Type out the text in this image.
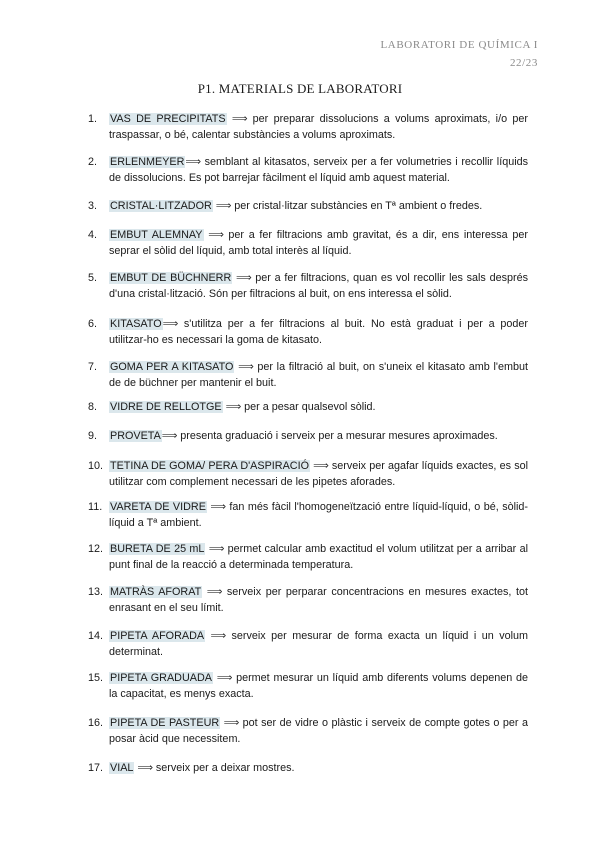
LABORATORI DE QUÍMICA I
22/23
P1. MATERIALS DE LABORATORI
1. VAS DE PRECIPITATS ⟹ per preparar dissolucions a volums aproximats, i/o per traspassar, o bé, calentar substàncies a volums aproximats.
2. ERLENMEYER⟹ semblant al kitasatos, serveix per a fer volumetries i recollir líquids de dissolucions. Es pot barrejar fàcilment el líquid amb aquest material.
3. CRISTAL·LITZADOR ⟹ per cristal·litzar substàncies en Tª ambient o fredes.
4. EMBUT ALEMNAY ⟹ per a fer filtracions amb gravitat, és a dir, ens interessa per seprar el sòlid del líquid, amb total interès al líquid.
5. EMBUT DE BÜCHNERR ⟹ per a fer filtracions, quan es vol recollir les sals després d'una cristal·lització. Són per filtracions al buit, on ens interessa el sòlid.
6. KITASATO⟹ s'utilitza per a fer filtracions al buit. No està graduat i per a poder utilitzar-ho es necessari la goma de kitasato.
7. GOMA PER A KITASATO ⟹ per la filtració al buit, on s'uneix el kitasato amb l'embut de de büchner per mantenir el buit.
8. VIDRE DE RELLOTGE ⟹ per a pesar qualsevol sòlid.
9. PROVETA⟹ presenta graduació i serveix per a mesurar mesures aproximades.
10. TETINA DE GOMA/ PERA D'ASPIRACIÓ ⟹ serveix per agafar líquids exactes, es sol utilitzar com complement necessari de les pipetes aforades.
11. VARETA DE VIDRE ⟹ fan més fàcil l'homogeneïtzació entre líquid-líquid, o bé, sòlid-líquid a Tª ambient.
12. BURETA DE 25 mL ⟹ permet calcular amb exactitud el volum utilitzat per a arribar al punt final de la reacció a determinada temperatura.
13. MATRÀS AFORAT ⟹ serveix per perparar concentracions en mesures exactes, tot enrasant en el seu límit.
14. PIPETA AFORADA ⟹ serveix per mesurar de forma exacta un líquid i un volum determinat.
15. PIPETA GRADUADA ⟹ permet mesurar un líquid amb diferents volums depenen de la capacitat, es menys exacta.
16. PIPETA DE PASTEUR ⟹ pot ser de vidre o plàstic i serveix de compte gotes o per a posar àcid que necessitem.
17. VIAL ⟹ serveix per a deixar mostres.
